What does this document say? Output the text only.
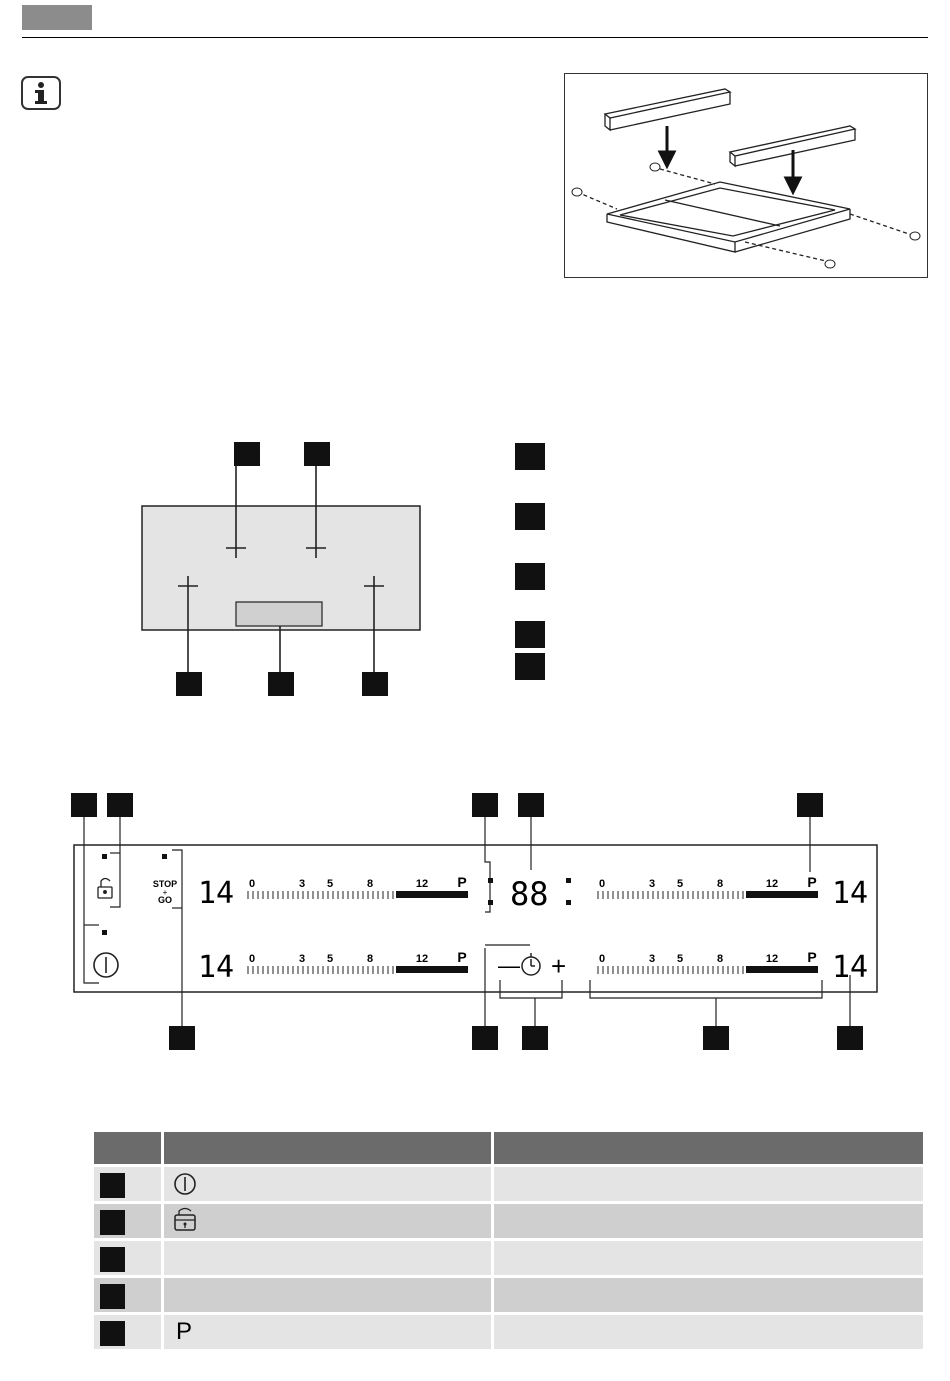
STOP
+
GO 14
14
14
14
88
— +
0	3 5	8	12 P	0	3 5	8	12 P
0	3 5	8	12 P	0	3 5	8	12 P

	P	
